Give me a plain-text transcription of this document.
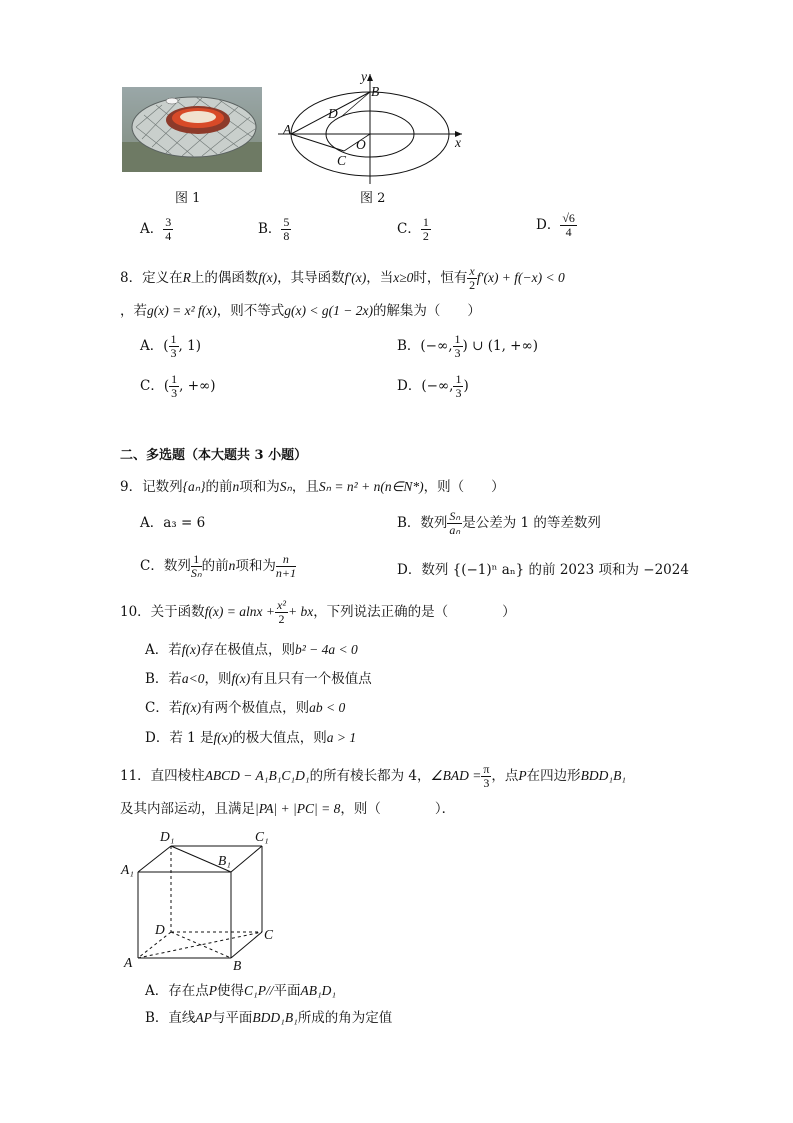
y
B
D
A
O	x
C
图 1	图 2
A． $\frac{3}{4}$	B． $\frac{5}{8}$	C． $\frac{1}{2}$	D． $\frac{√6}{4}$
8．定义在R上的偶函数f(x)，其导函数f′(x)，当x≥0时，恒有 $\frac{x}{2} f'(x) + f(-x) < 0$
，若g(x) = x² f(x)，则不等式g(x) < g(1 − 2x)的解集为（　　）
A．( $\frac{1}{3}$ , 1)	B．(−∞, $\frac{1}{3}$ ) ∪ (1, +∞)
C．( $\frac{1}{3}$ , +∞)	D．(−∞, $\frac{1}{3}$ )
二、多选题（本大题共 3 小题）
9．记数列{aₙ}的前n项和为Sₙ，且Sₙ = n² + n(n∈N*)，则（　　）
A．a₃ = 6	B．数列 $\frac{\text{Sₙ}}{\text{aₙ}}$ 是公差为 1 的等差数列
C．数列 $\frac{1}{\text{Sₙ}}$ 的前n项和为 $\frac{n}{n+1}$	D．数列 {(−1)ⁿ aₙ} 的前 2023 项和为 −2024
10．关于函数$f(x) = alnx + \frac{\text{x²}}{2}$ + bx，下列说法正确的是（　　　　）
A．若f(x)存在极值点，则b² − 4a < 0
B．若a<0，则f(x)有且只有一个极值点
C．若f(x)有两个极值点，则ab < 0
D．若 1 是f(x)的极大值点，则a > 1
11．直四棱柱ABCD − A₁B₁C₁D₁的所有棱长都为 4，∠BAD = $\frac{\pi}{3}$ ，点P在四边形BDD₁B₁
及其内部运动，且满足|PA| + |PC| = 8，则（　　　　）．
D₁	C₁
B₁
A₁
D	C
A	B
A．存在点P使得C₁P//平面AB₁D₁
B．直线AP与平面BDD₁B₁所成的角为定值
